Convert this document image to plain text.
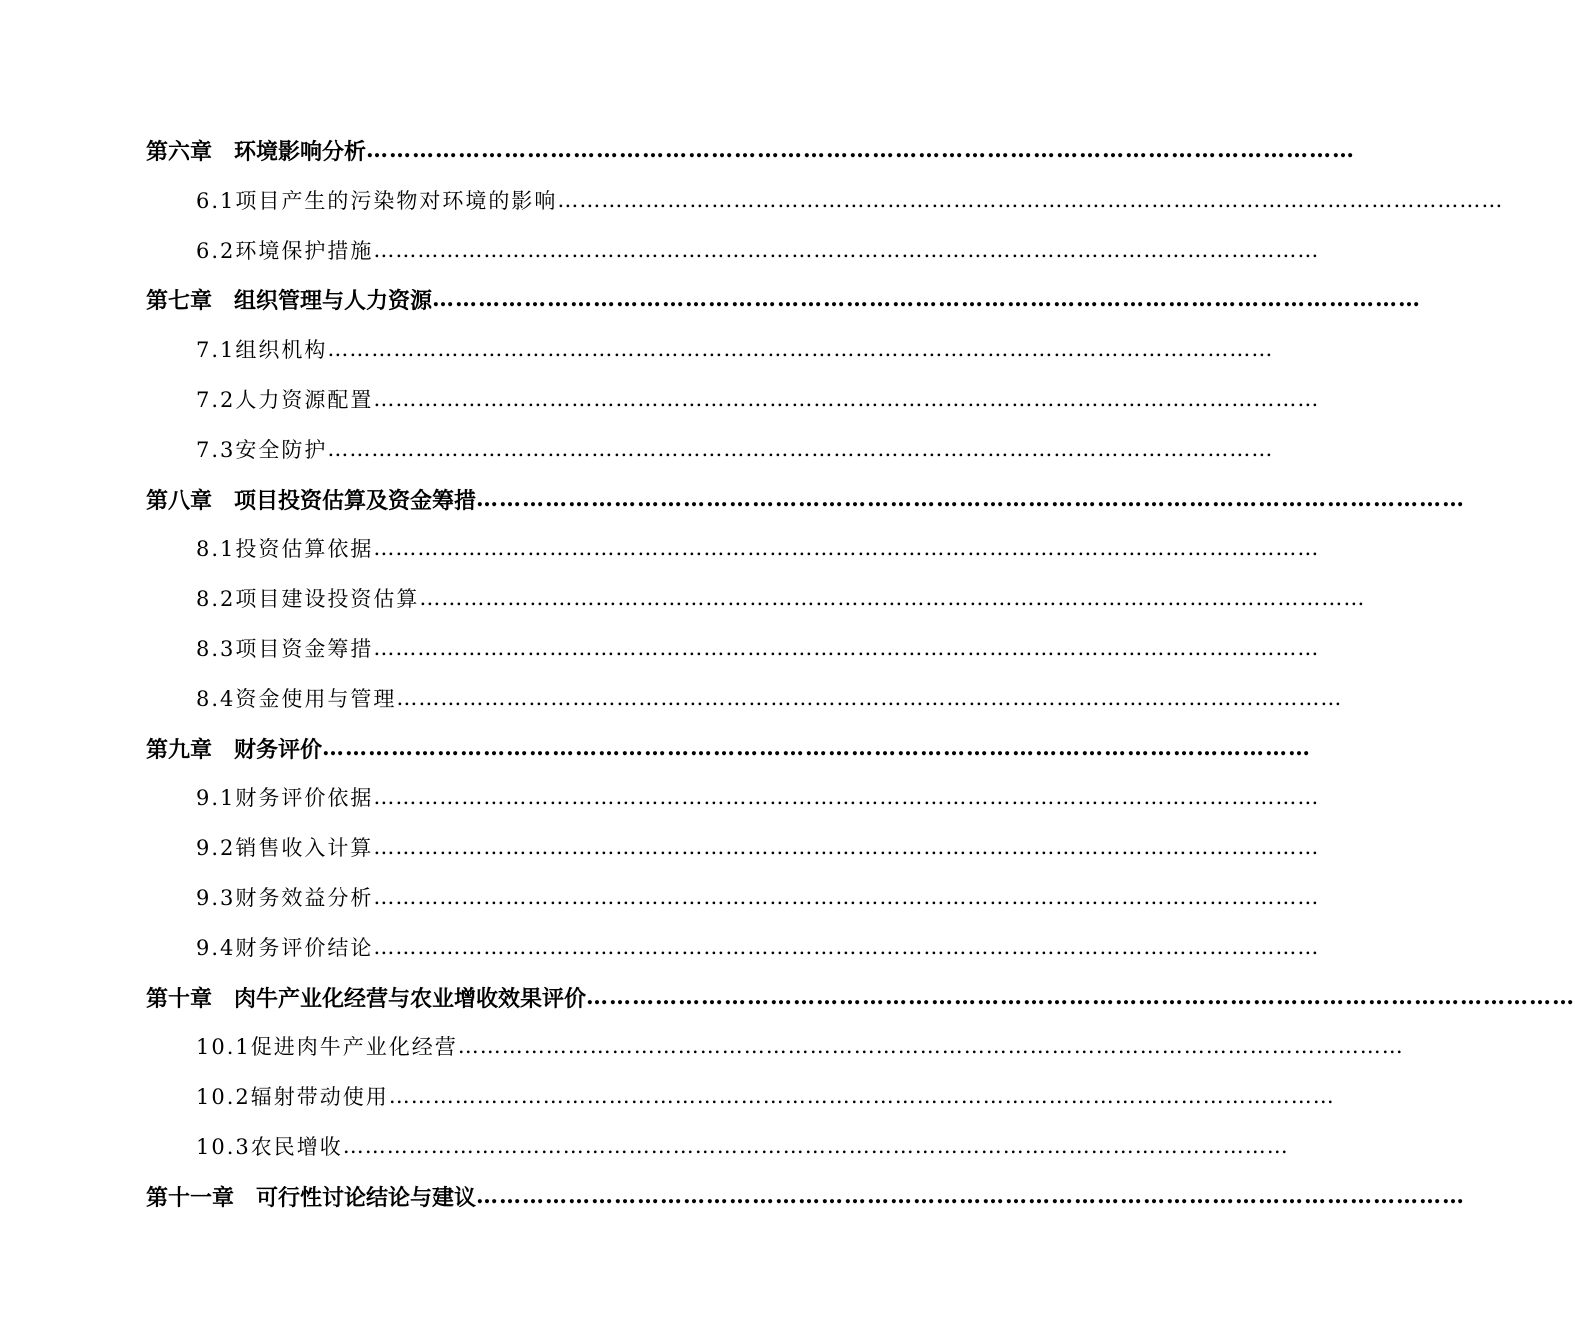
第六章　环境影响分析 …………………………………………………………………………………………………………………
6.1项目产生的污染物对环境的影响 …………………………………………………………………………………………………………………
6.2环境保护措施 …………………………………………………………………………………………………………………
第七章　组织管理与人力资源 …………………………………………………………………………………………………………………
7.1组织机构 …………………………………………………………………………………………………………………
7.2人力资源配置 …………………………………………………………………………………………………………………
7.3安全防护 …………………………………………………………………………………………………………………
第八章　项目投资估算及资金筹措 …………………………………………………………………………………………………………………
8.1投资估算依据 …………………………………………………………………………………………………………………
8.2项目建设投资估算 …………………………………………………………………………………………………………………
8.3项目资金筹措 …………………………………………………………………………………………………………………
8.4资金使用与管理 …………………………………………………………………………………………………………………
第九章　财务评价 …………………………………………………………………………………………………………………
9.1财务评价依据 …………………………………………………………………………………………………………………
9.2销售收入计算 …………………………………………………………………………………………………………………
9.3财务效益分析 …………………………………………………………………………………………………………………
9.4财务评价结论 …………………………………………………………………………………………………………………
第十章　肉牛产业化经营与农业增收效果评价 …………………………………………………………………………………………………………………
10.1促进肉牛产业化经营 …………………………………………………………………………………………………………………
10.2辐射带动使用 …………………………………………………………………………………………………………………
10.3农民增收 …………………………………………………………………………………………………………………
第十一章　可行性讨论结论与建议 …………………………………………………………………………………………………………………
